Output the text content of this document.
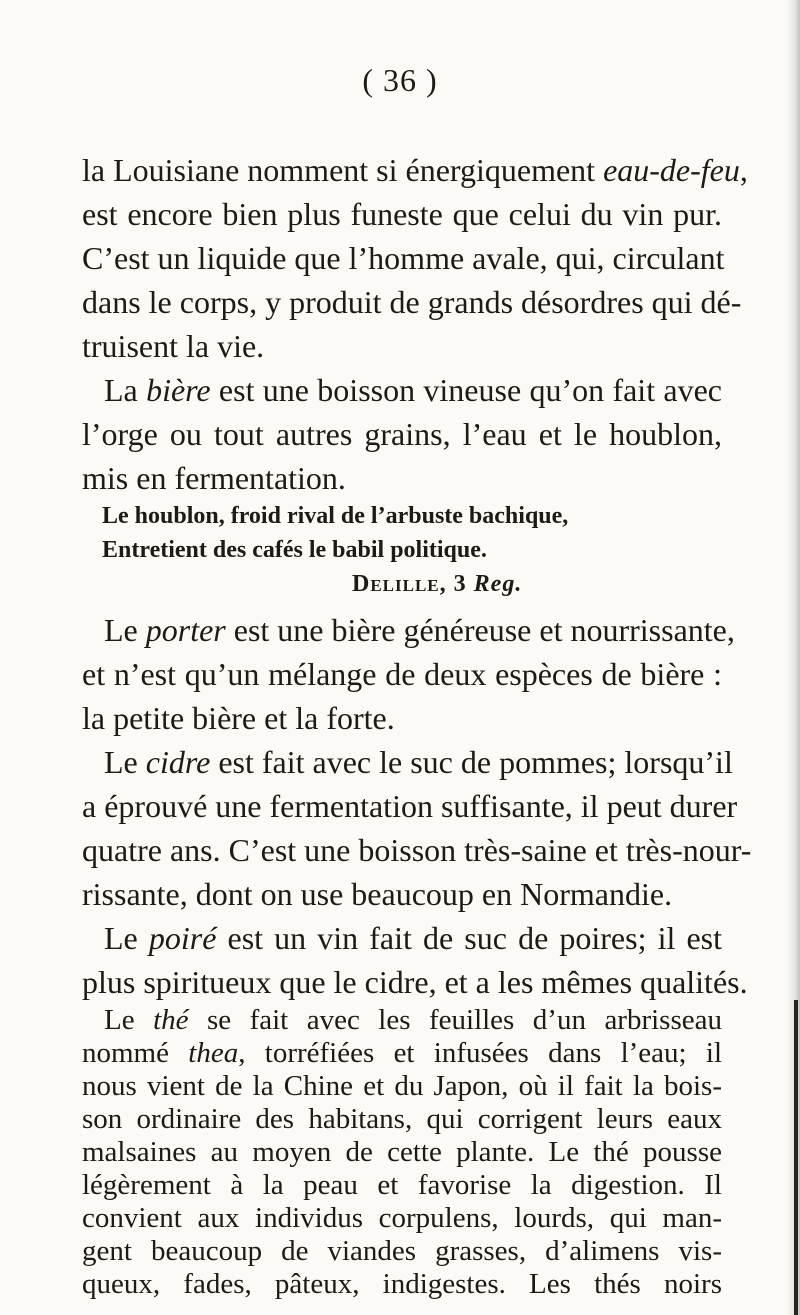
( 36 )
la Louisiane nomment si énergiquement eau-de-feu,
est encore bien plus funeste que celui du vin pur.
C’est un liquide que l’homme avale, qui, circulant
dans le corps, y produit de grands désordres qui dé-
truisent la vie.
La bière est une boisson vineuse qu’on fait avec
l’orge ou tout autres grains, l’eau et le houblon,
mis en fermentation.
Le houblon, froid rival de l’arbuste bachique,
Entretient des cafés le babil politique.
Delille, 3 Reg.
Le porter est une bière généreuse et nourrissante,
et n’est qu’un mélange de deux espèces de bière :
la petite bière et la forte.
Le cidre est fait avec le suc de pommes; lorsqu’il
a éprouvé une fermentation suffisante, il peut durer
quatre ans. C’est une boisson très-saine et très-nour-
rissante, dont on use beaucoup en Normandie.
Le poiré est un vin fait de suc de poires; il est
plus spiritueux que le cidre, et a les mêmes qualités.
Le thé se fait avec les feuilles d’un arbrisseau
nommé thea, torréfiées et infusées dans l’eau; il
nous vient de la Chine et du Japon, où il fait la bois-
son ordinaire des habitans, qui corrigent leurs eaux
malsaines au moyen de cette plante. Le thé pousse
légèrement à la peau et favorise la digestion. Il
convient aux individus corpulens, lourds, qui man-
gent beaucoup de viandes grasses, d’alimens vis-
queux, fades, pâteux, indigestes. Les thés noirs
